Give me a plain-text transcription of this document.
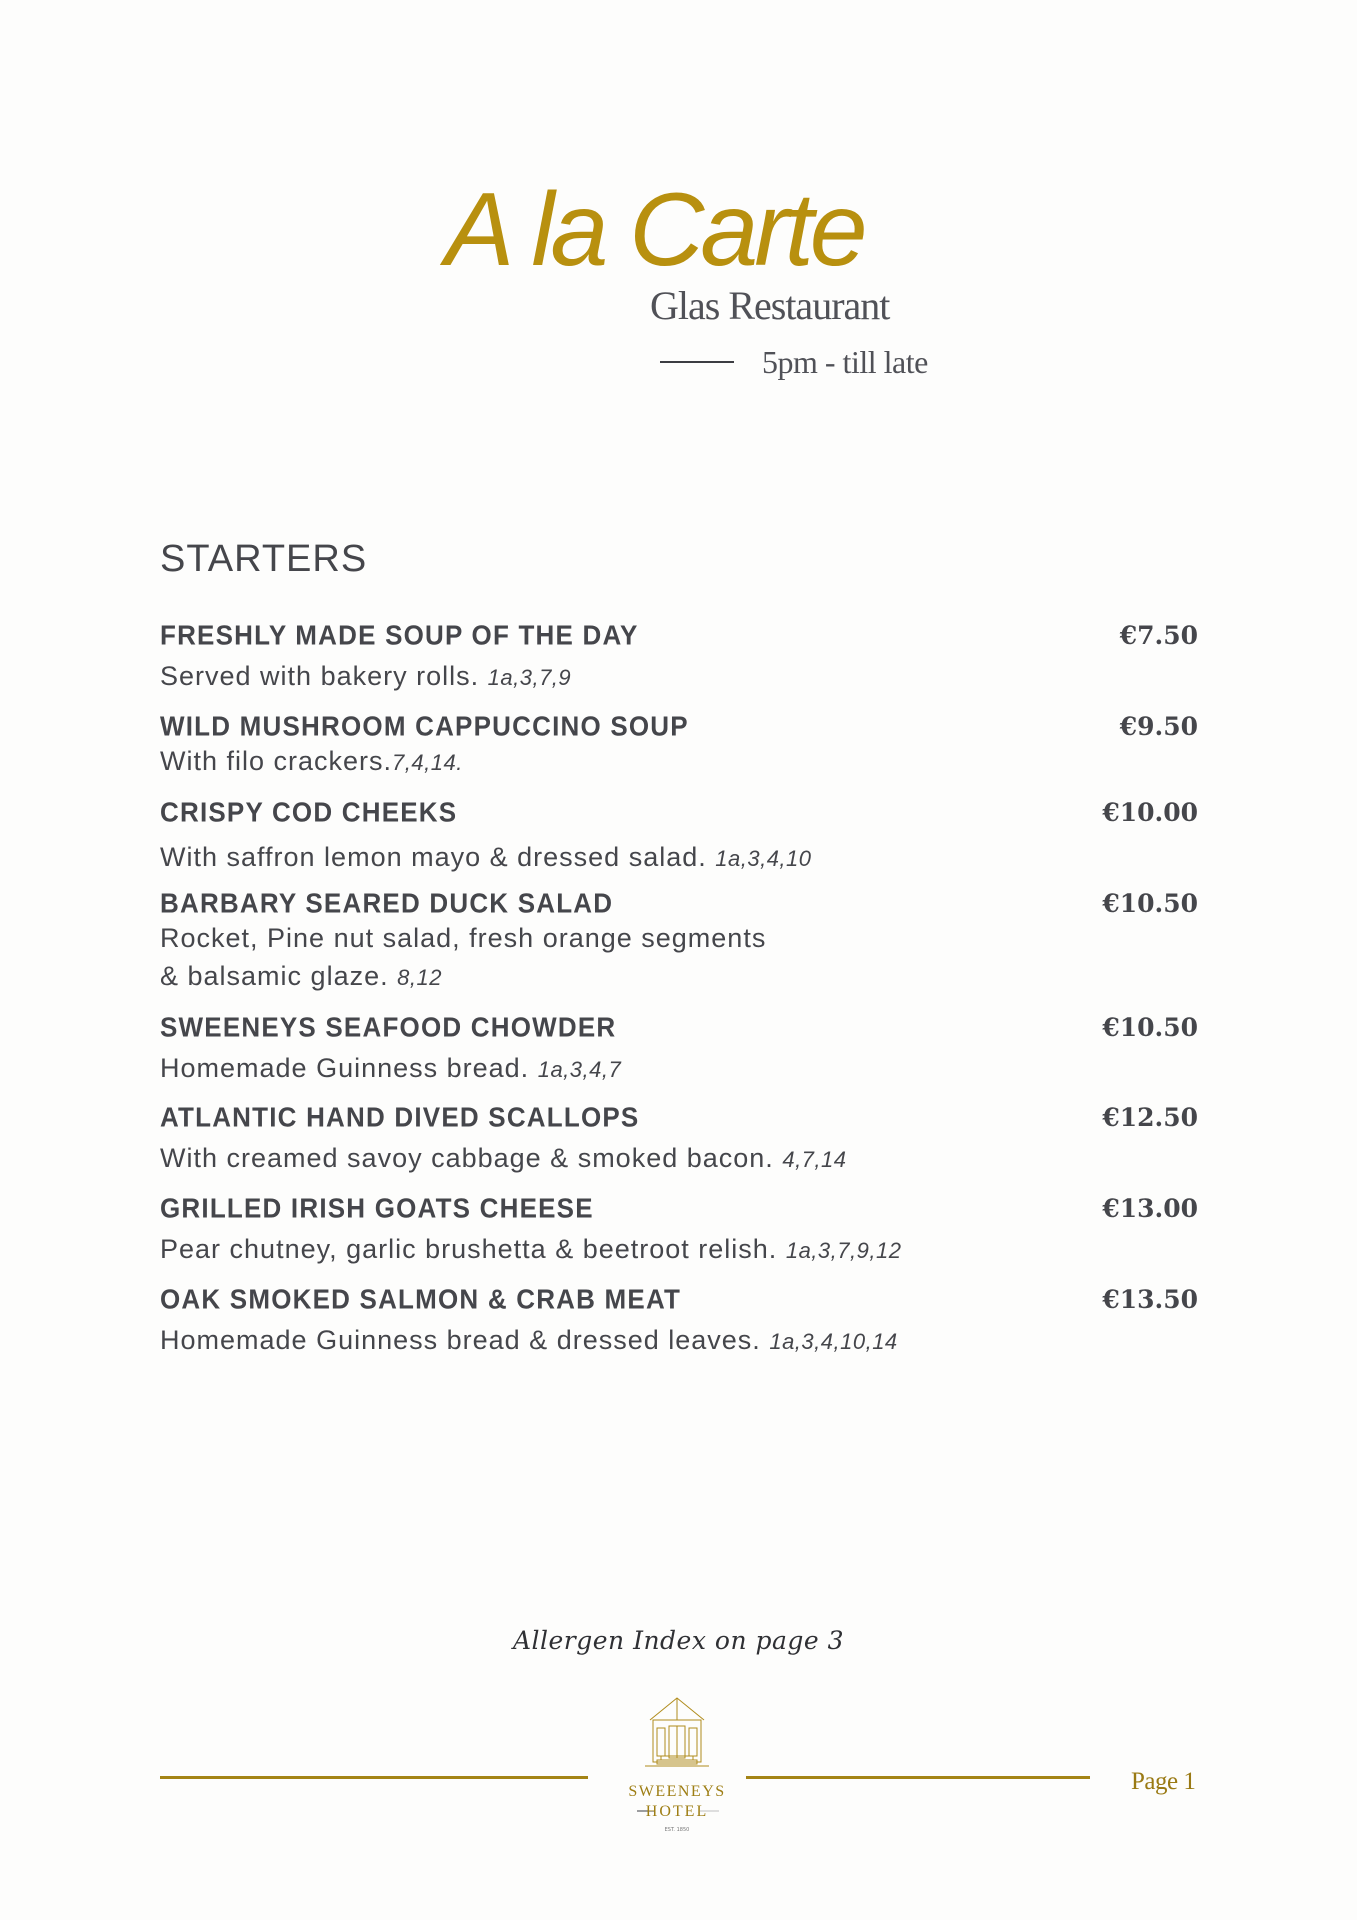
A la Carte
Glas Restaurant
5pm - till late
STARTERS
FRESHLY MADE SOUP OF THE DAY	€7.50
Served with bakery rolls. 1a,3,7,9
WILD MUSHROOM CAPPUCCINO SOUP	€9.50
With filo crackers.7,4,14.
CRISPY COD CHEEKS	€10.00
With saffron lemon mayo & dressed salad. 1a,3,4,10
BARBARY SEARED DUCK SALAD	€10.50
Rocket, Pine nut salad, fresh orange segments
& balsamic glaze. 8,12
SWEENEYS SEAFOOD CHOWDER	€10.50
Homemade Guinness bread. 1a,3,4,7
ATLANTIC HAND DIVED SCALLOPS	€12.50
With creamed savoy cabbage & smoked bacon. 4,7,14
GRILLED IRISH GOATS CHEESE	€13.00
Pear chutney, garlic brushetta & beetroot relish. 1a,3,7,9,12
OAK SMOKED SALMON & CRAB MEAT	€13.50
Homemade Guinness bread & dressed leaves. 1a,3,4,10,14
Allergen Index on page 3
SWEENEYS
HOTEL
EST. 1850
Page 1
